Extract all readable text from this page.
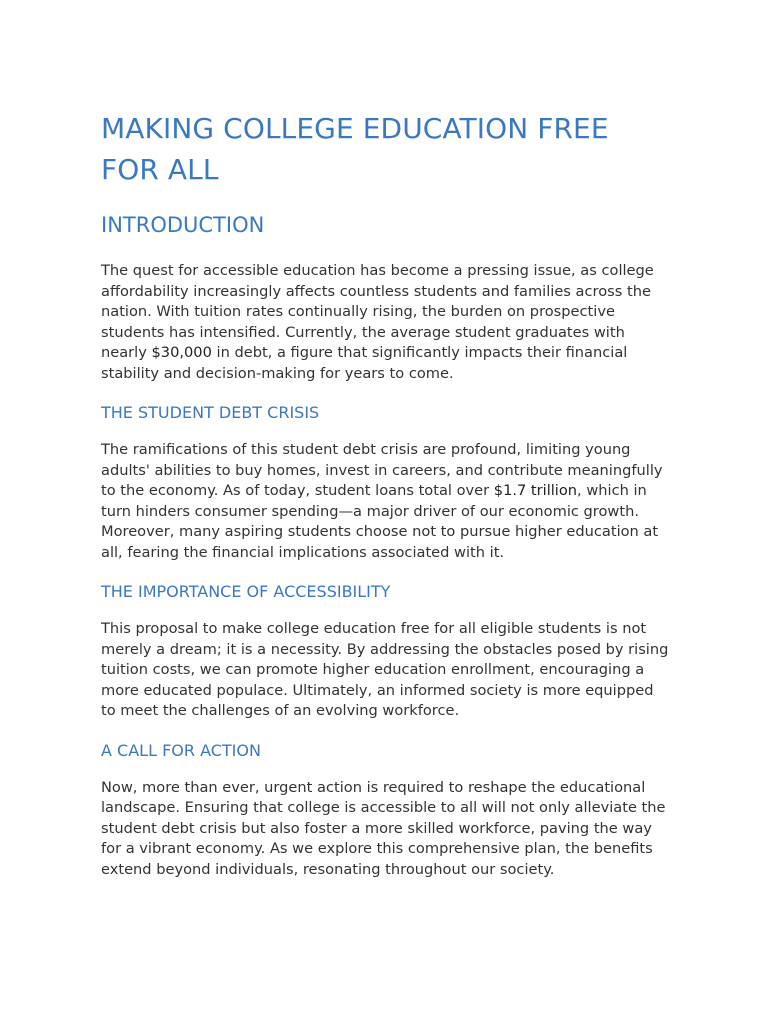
MAKING COLLEGE EDUCATION FREE FOR ALL
INTRODUCTION

The quest for accessible education has become a pressing issue, as college affordability increasingly affects countless students and families across the nation. With tuition rates continually rising, the burden on prospective students has intensified. Currently, the average student graduates with nearly $30,000 in debt, a figure that significantly impacts their financial stability and decision-making for years to come.

THE STUDENT DEBT CRISIS

The ramifications of this student debt crisis are profound, limiting young adults' abilities to buy homes, invest in careers, and contribute meaningfully to the economy. As of today, student loans total over $1.7 trillion, which in turn hinders consumer spending—a major driver of our economic growth. Moreover, many aspiring students choose not to pursue higher education at all, fearing the financial implications associated with it.

THE IMPORTANCE OF ACCESSIBILITY

This proposal to make college education free for all eligible students is not merely a dream; it is a necessity. By addressing the obstacles posed by rising tuition costs, we can promote higher education enrollment, encouraging a more educated populace. Ultimately, an informed society is more equipped to meet the challenges of an evolving workforce.

A CALL FOR ACTION

Now, more than ever, urgent action is required to reshape the educational landscape. Ensuring that college is accessible to all will not only alleviate the student debt crisis but also foster a more skilled workforce, paving the way for a vibrant economy. As we explore this comprehensive plan, the benefits extend beyond individuals, resonating throughout our society.
